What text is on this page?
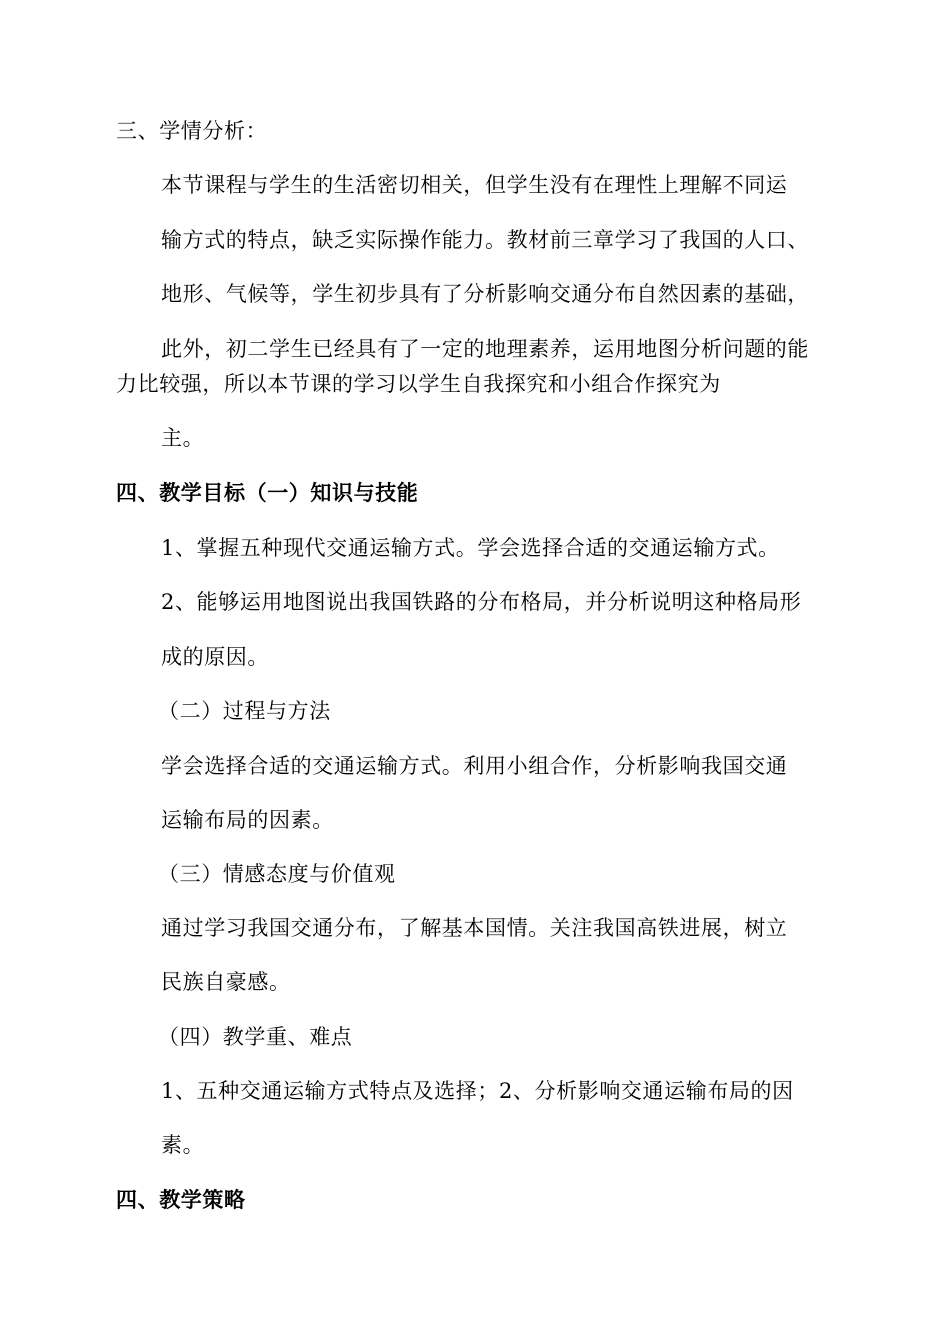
三、学情分析：
本节课程与学生的生活密切相关，但学生没有在理性上理解不同运
输方式的特点，缺乏实际操作能力。教材前三章学习了我国的人口、
地形、气候等，学生初步具有了分析影响交通分布自然因素的基础，
此外，初二学生已经具有了一定的地理素养，运用地图分析问题的能
力比较强，所以本节课的学习以学生自我探究和小组合作探究为
主。
四、教学目标（一）知识与技能
1、掌握五种现代交通运输方式。学会选择合适的交通运输方式。
2、能够运用地图说出我国铁路的分布格局，并分析说明这种格局形
成的原因。
（二）过程与方法
学会选择合适的交通运输方式。利用小组合作，分析影响我国交通
运输布局的因素。
（三）情感态度与价值观
通过学习我国交通分布，了解基本国情。关注我国高铁进展，树立
民族自豪感。
（四）教学重、难点
1、五种交通运输方式特点及选择；2、分析影响交通运输布局的因
素。
四、教学策略
